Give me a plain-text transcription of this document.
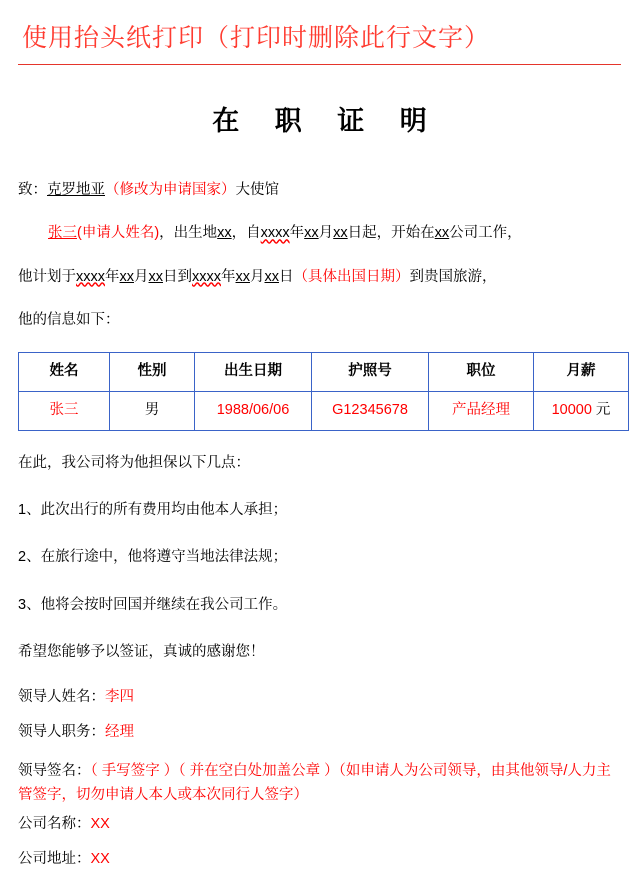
使用抬头纸打印（打印时删除此行文字）
在 职 证 明

致：克罗地亚（修改为申请国家）大使馆

张三(申请人姓名)，出生地xx，自xxxx年xx月xx日起，开始在xx公司工作，

他计划于xxxx年xx月xx日到xxxx年xx月xx日（具体出国日期）到贵国旅游，

他的信息如下：

姓名	性别	出生日期	护照号	职位	月薪
张三	男	1988/06/06	G12345678	产品经理	10000 元

在此，我公司将为他担保以下几点：

1、此次出行的所有费用均由他本人承担；

2、在旅行途中，他将遵守当地法律法规；

3、他将会按时回国并继续在我公司工作。

希望您能够予以签证，真诚的感谢您！

领导人姓名：李四

领导人职务：经理

领导签名：（ 手写签字 ）（ 并在空白处加盖公章 ）（如申请人为公司领导，由其他领导/人力主管签字，切勿申请人本人或本次同行人签字）

公司名称：XX

公司地址：XX
